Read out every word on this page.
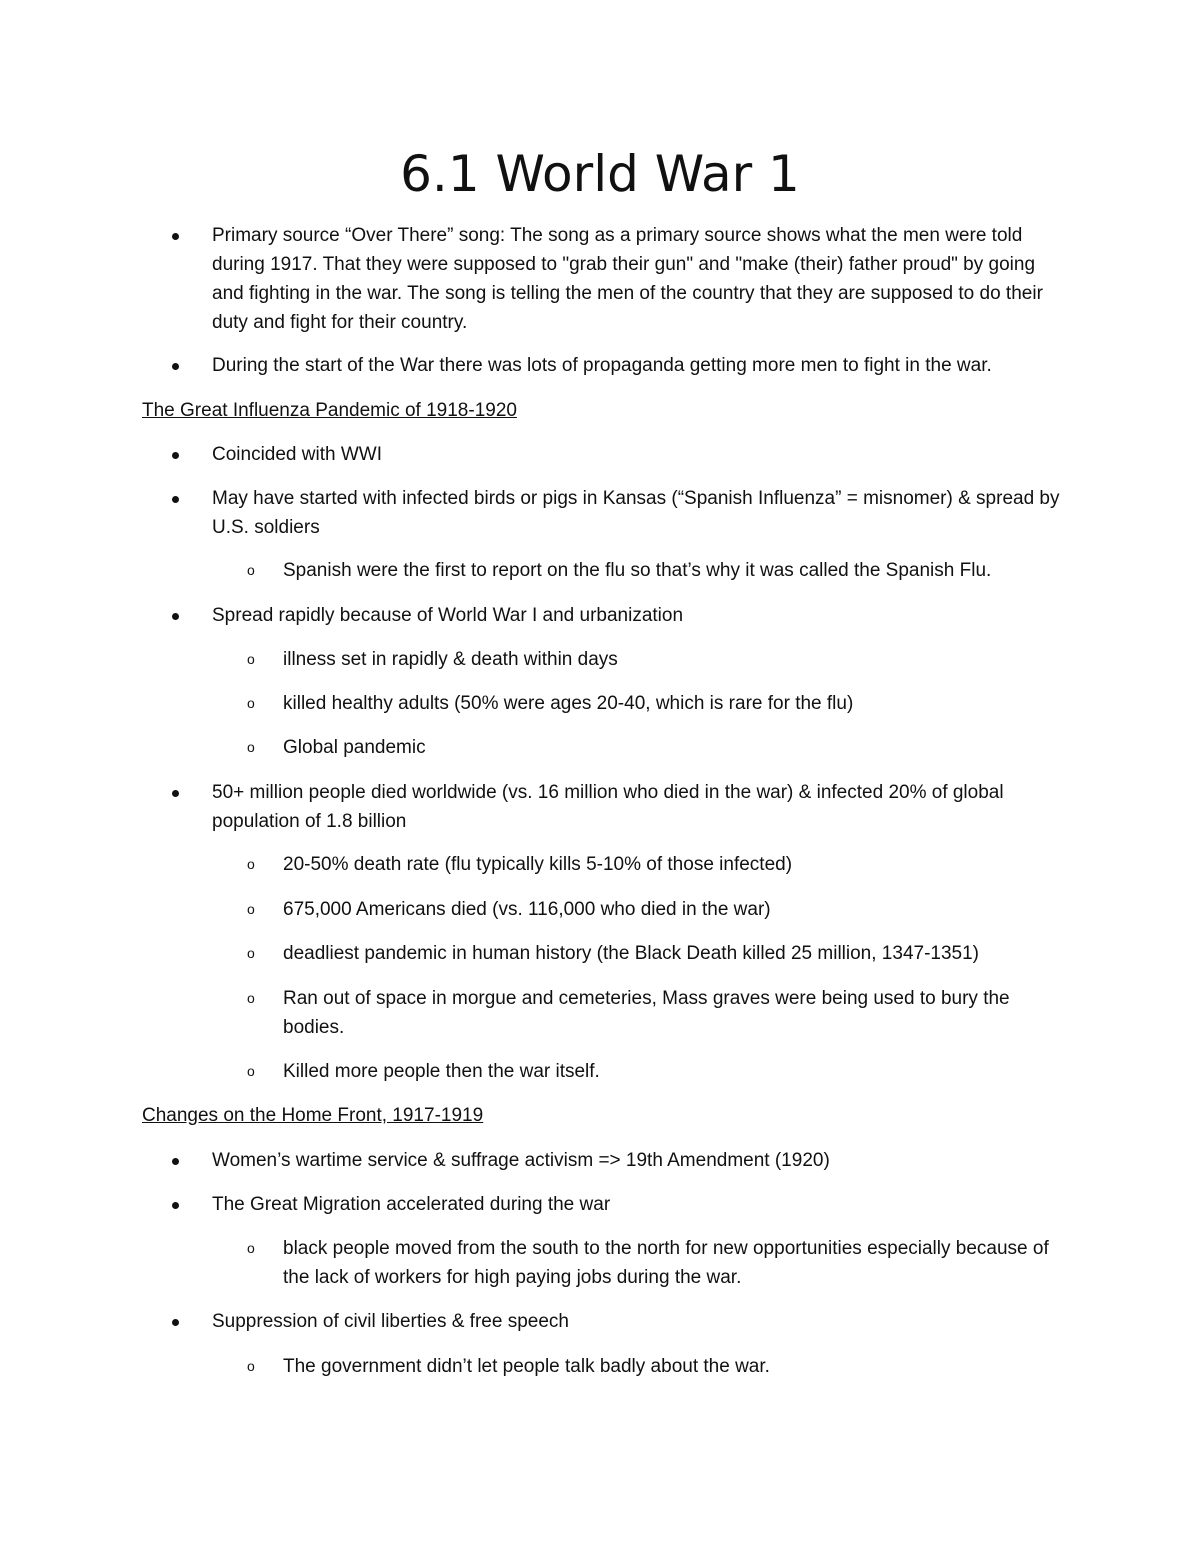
6.1 World War 1
Primary source “Over There” song: The song as a primary source shows what the men were told during 1917. That they were supposed to "grab their gun" and "make (their) father proud" by going and fighting in the war. The song is telling the men of the country that they are supposed to do their duty and fight for their country.
During the start of the War there was lots of propaganda getting more men to fight in the war.
The Great Influenza Pandemic of 1918-1920
Coincided with WWI
May have started with infected birds or pigs in Kansas (“Spanish Influenza” = misnomer) & spread by U.S. soldiers
o Spanish were the first to report on the flu so that’s why it was called the Spanish Flu.
Spread rapidly because of World War I and urbanization
o illness set in rapidly & death within days
o killed healthy adults (50% were ages 20-40, which is rare for the flu)
o Global pandemic
50+ million people died worldwide (vs. 16 million who died in the war) & infected 20% of global population of 1.8 billion
o 20-50% death rate (flu typically kills 5-10% of those infected)
o 675,000 Americans died (vs. 116,000 who died in the war)
o deadliest pandemic in human history (the Black Death killed 25 million, 1347-1351)
o Ran out of space in morgue and cemeteries, Mass graves were being used to bury the bodies.
o Killed more people then the war itself.
Changes on the Home Front, 1917-1919
Women’s wartime service & suffrage activism => 19th Amendment (1920)
The Great Migration accelerated during the war
o black people moved from the south to the north for new opportunities especially because of the lack of workers for high paying jobs during the war.
Suppression of civil liberties & free speech
o The government didn’t let people talk badly about the war.
